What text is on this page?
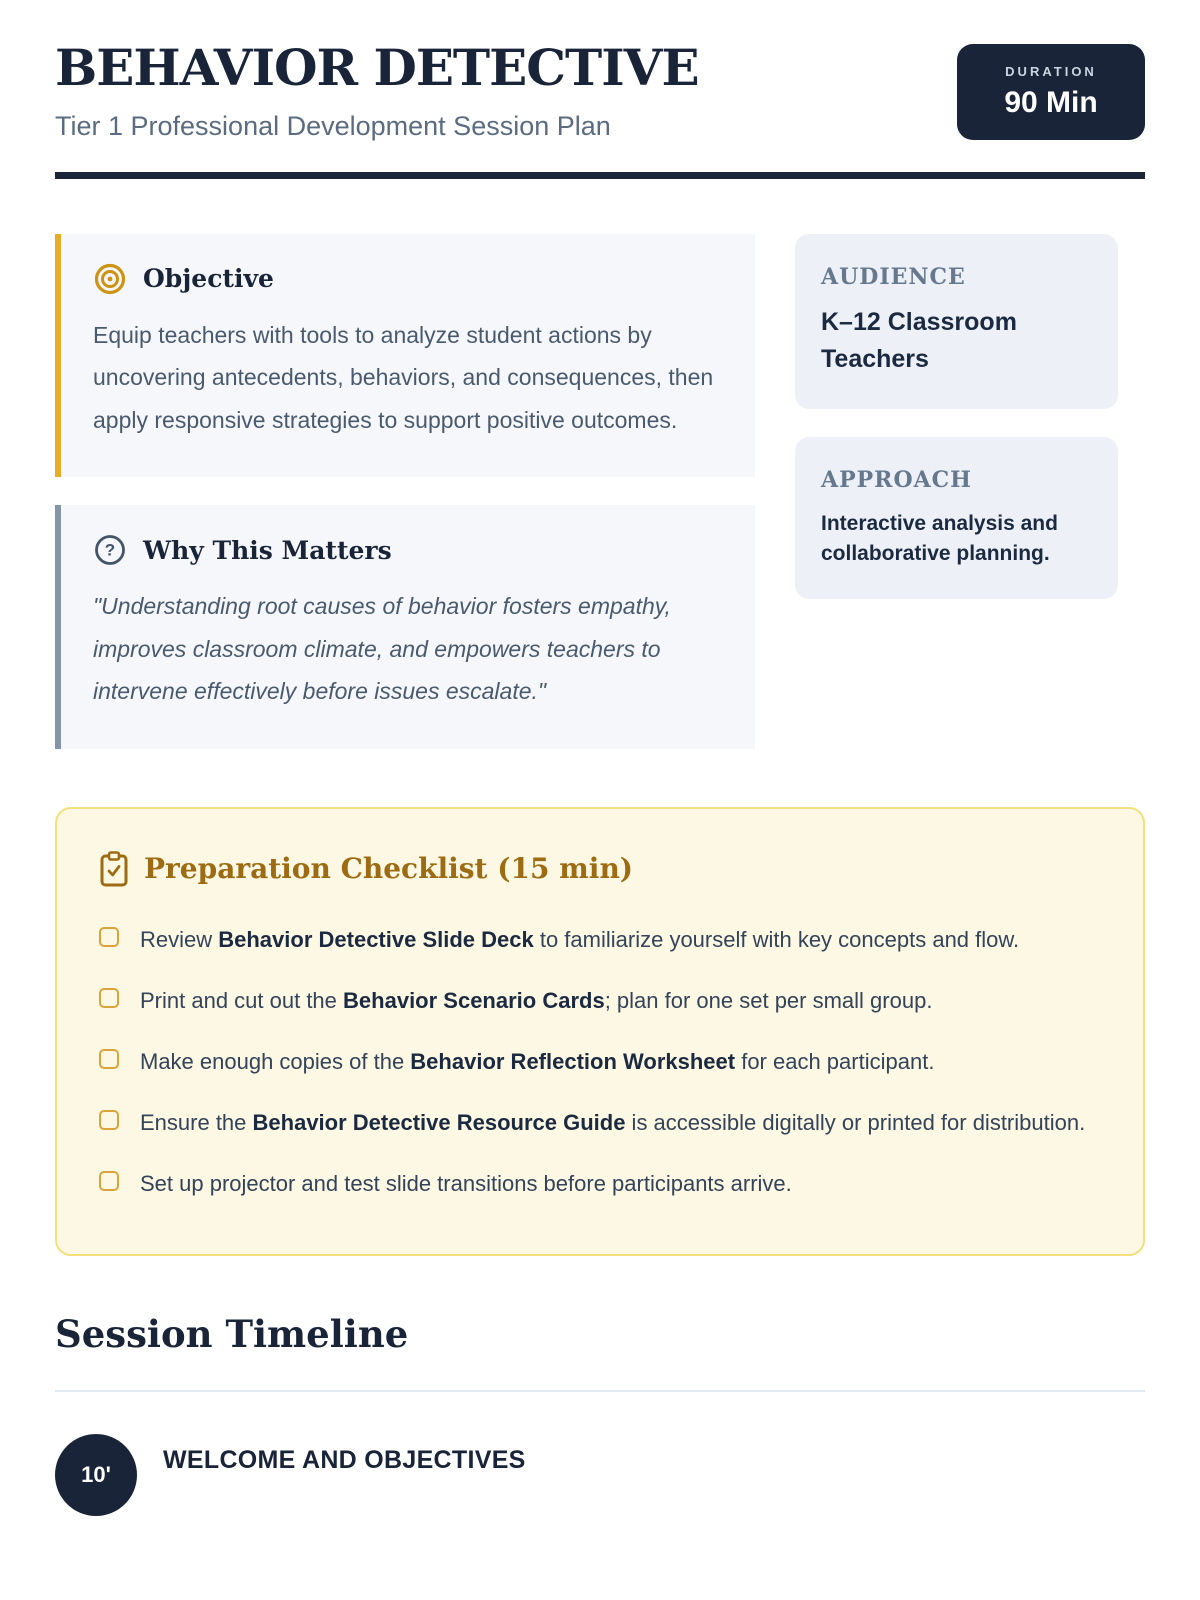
BEHAVIOR DETECTIVE
Tier 1 Professional Development Session Plan
DURATION
90 Min
Objective
Equip teachers with tools to analyze student actions by uncovering antecedents, behaviors, and consequences, then apply responsive strategies to support positive outcomes.
? Why This Matters
"Understanding root causes of behavior fosters empathy, improves classroom climate, and empowers teachers to intervene effectively before issues escalate."
AUDIENCE
K–12 Classroom Teachers
APPROACH
Interactive analysis and collaborative planning.
Preparation Checklist (15 min)
Review Behavior Detective Slide Deck to familiarize yourself with key concepts and flow.
Print and cut out the Behavior Scenario Cards; plan for one set per small group.
Make enough copies of the Behavior Reflection Worksheet for each participant.
Ensure the Behavior Detective Resource Guide is accessible digitally or printed for distribution.
Set up projector and test slide transitions before participants arrive.
Session Timeline
10'
WELCOME AND OBJECTIVES
